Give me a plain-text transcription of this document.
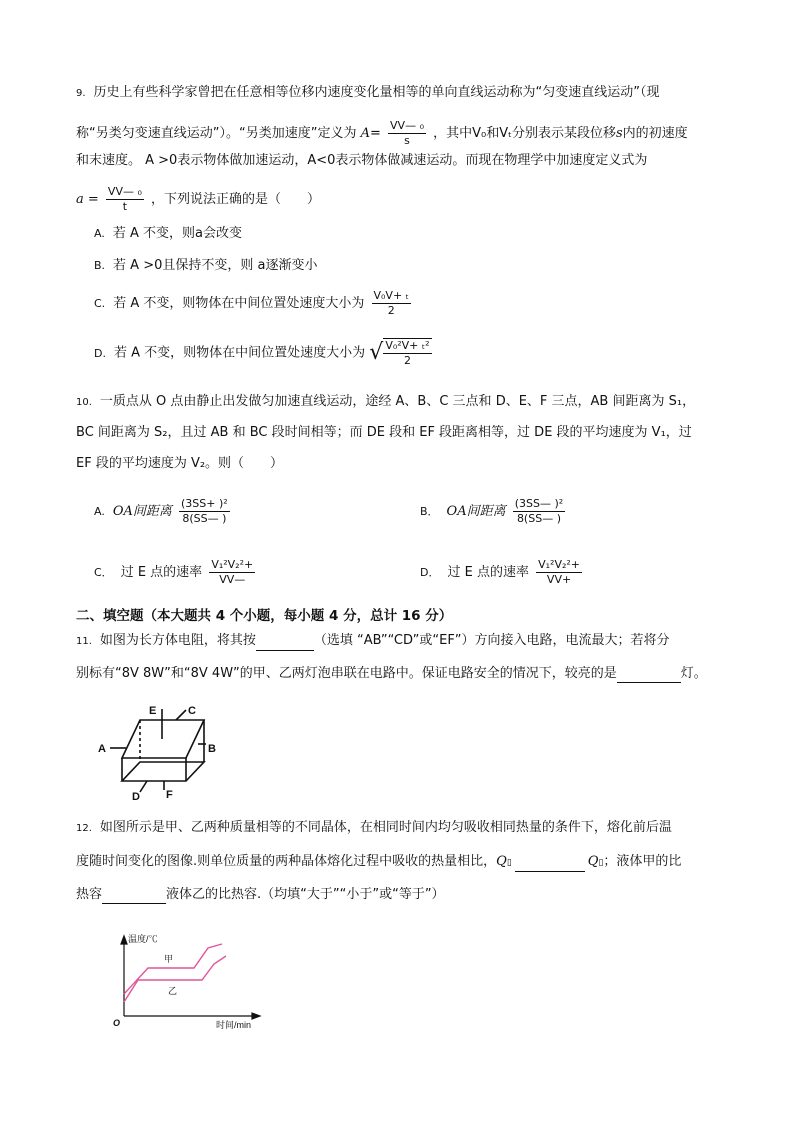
9. 历史上有些科学家曾把在任意相等位移内速度变化量相等的单向直线运动称为“匀变速直线运动”（现
称“另类匀变速直线运动”）。“另类加速度”定义为 $A= \frac{\text{VV— ₀}}{s}$ ，其中V₀和Vₜ分别表示某段位移s内的初速度
和末速度。 A >0表示物体做加速运动，A<0表示物体做减速运动。而现在物理学中加速度定义式为
$a = \frac{\text{VV— ₀}}{t}$ ，下列说法正确的是（　　）
A. 若 A 不变，则a会改变
B. 若 A >0且保持不变，则 a逐渐变小
C. 若 A 不变，则物体在中间位置处速度大小为 $\frac{\text{V₀V+ ₜ}}{2}$
D. 若 A 不变，则物体在中间位置处速度大小为 √ $\frac{\text{V₀²V+ ₜ²}}{2}$
10. 一质点从 O 点由静止出发做匀加速直线运动，途经 A、B、C 三点和 D、E、F 三点，AB 间距离为 S₁，
BC 间距离为 S₂，且过 AB 和 BC 段时间相等；而 DE 段和 EF 段距离相等，过 DE 段的平均速度为 V₁，过
EF 段的平均速度为 V₂。则（　　）
A. OA间距离 $\frac{\text{(3SS+ )²}}{8(SS— )}$	B． OA间距离 $\frac{\text{(3SS— )²}}{8(SS— )}$
C． 过 E 点的速率 $\frac{\text{V₁²V₂²+}}{VV—}$	D． 过 E 点的速率 $\frac{\text{V₁²V₂²+}}{VV+}$
二、填空题（本大题共 4 个小题，每小题 4 分，总计 16 分）
11. 如图为长方体电阻，将其按	（选填 “AB”“CD”或“EF”）方向接入电路，电流最大；若将分
别标有“8V 8W”和“8V 4W”的甲、乙两灯泡串联在电路中。保证电路安全的情况下，较亮的是	灯。
E	C
A	B
D F
12. 如图所示是甲、乙两种质量相等的不同晶体，在相同时间内均匀吸收相同热量的条件下，熔化前后温
度随时间变化的图像.则单位质量的两种晶体熔化过程中吸收的热量相比，Q▯	Q▯；液体甲的比
热容	液体乙的比热容.（均填“大于”“小于”或“等于”）
温度/℃
时间/min
O
甲
乙
